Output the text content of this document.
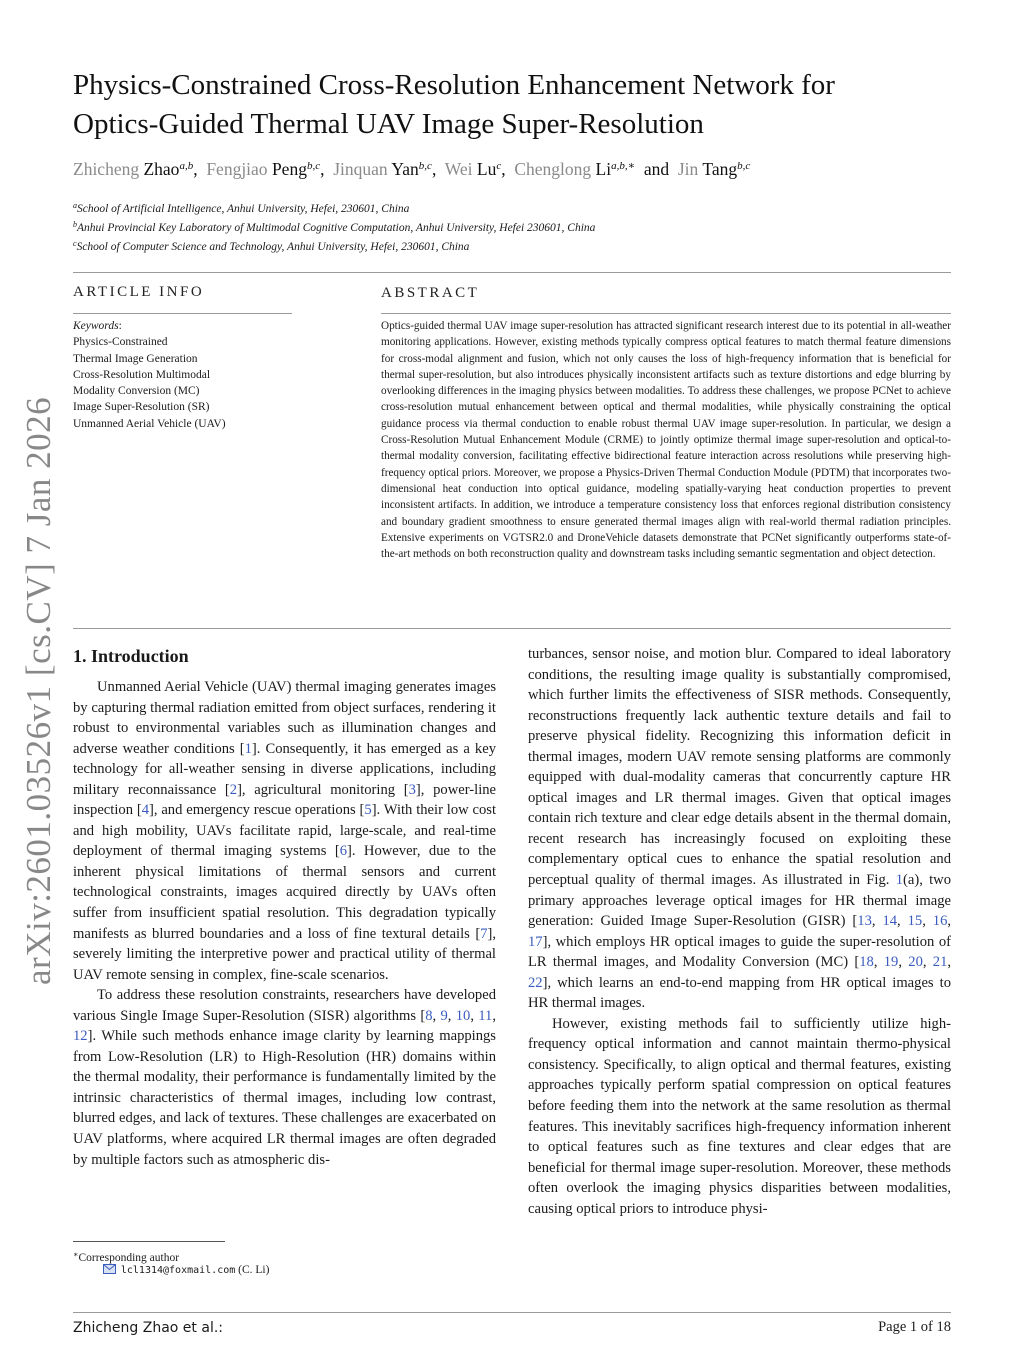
arXiv:2601.03526v1 [cs.CV] 7 Jan 2026
Physics-Constrained Cross-Resolution Enhancement Network for
Optics-Guided Thermal UAV Image Super-Resolution
Zhicheng Zhao$^{a,b}$,  Fengjiao Peng$^{b,c}$,  Jinquan Yan$^{b,c}$,  Wei Lu$^c$,  Chenglong $Li^{a,b,∗}$ and Jin Tang$^{b,c}$
$^a$School of Artificial Intelligence, Anhui University, Hefei, 230601, China
$^b$Anhui Provincial Key Laboratory of Multimodal Cognitive Computation, Anhui University, Hefei 230601, China
$^c$School of Computer Science and Technology, Anhui University, Hefei, 230601, China
ARTICLE INFO	ABSTRACT
Keywords:
Physics-Constrained
Thermal Image Generation
Cross-Resolution Multimodal
Modality Conversion (MC)
Image Super-Resolution (SR)
Unmanned Aerial Vehicle (UAV)
Optics-guided thermal UAV image super-resolution has attracted significant research interest due to its potential in all-weather monitoring applications. However, existing methods typically compress optical features to match thermal feature dimensions for cross-modal alignment and fusion, which not only causes the loss of high-frequency information that is beneficial for thermal super-resolution, but also introduces physically inconsistent artifacts such as texture distortions and edge blurring by overlooking differences in the imaging physics between modalities. To address these challenges, we propose PCNet to achieve cross-resolution mutual enhancement between optical and thermal modalities, while physically constraining the optical guidance process via thermal conduction to enable robust thermal UAV image super-resolution. In particular, we design a Cross-Resolution Mutual Enhancement Module (CRME) to jointly optimize thermal image super-resolution and optical-to-thermal modality conversion, facilitating effective bidirectional feature interaction across resolutions while preserving high-frequency optical priors. Moreover, we propose a Physics-Driven Thermal Conduction Module (PDTM) that incorporates two-dimensional heat conduction into optical guidance, modeling spatially-varying heat conduction properties to prevent inconsistent artifacts. In addition, we introduce a temperature consistency loss that enforces regional distribution consistency and boundary gradient smoothness to ensure generated thermal images align with real-world thermal radiation principles. Extensive experiments on VGTSR2.0 and DroneVehicle datasets demonstrate that PCNet significantly outperforms state-of-the-art methods on both reconstruction quality and downstream tasks including semantic segmentation and object detection.
1. Introduction

Unmanned Aerial Vehicle (UAV) thermal imaging generates images by capturing thermal radiation emitted from object surfaces, rendering it robust to environmental variables such as illumination changes and adverse weather conditions [1]. Consequently, it has emerged as a key technology for all-weather sensing in diverse applications, including military reconnaissance [2], agricultural monitoring [3], power-line inspection [4], and emergency rescue operations [5]. With their low cost and high mobility, UAVs facilitate rapid, large-scale, and real-time deployment of thermal imaging systems [6]. However, due to the inherent physical limitations of thermal sensors and current technological constraints, images acquired directly by UAVs often suffer from insufficient spatial resolution. This degradation typically manifests as blurred boundaries and a loss of fine textural details [7], severely limiting the interpretive power and practical utility of thermal UAV remote sensing in complex, fine-scale scenarios.

To address these resolution constraints, researchers have developed various Single Image Super-Resolution (SISR) algorithms [8, 9, 10, 11, 12]. While such methods enhance image clarity by learning mappings from Low-Resolution (LR) to High-Resolution (HR) domains within the thermal modality, their performance is fundamentally limited by the intrinsic characteristics of thermal images, including low contrast, blurred edges, and lack of textures. These challenges are exacerbated on UAV platforms, where acquired LR thermal images are often degraded by multiple factors such as atmospheric dis-

turbances, sensor noise, and motion blur. Compared to ideal laboratory conditions, the resulting image quality is substantially compromised, which further limits the effectiveness of SISR methods. Consequently, reconstructions frequently lack authentic texture details and fail to preserve physical fidelity. Recognizing this information deficit in thermal images, modern UAV remote sensing platforms are commonly equipped with dual-modality cameras that concurrently capture HR optical images and LR thermal images. Given that optical images contain rich texture and clear edge details absent in the thermal domain, recent research has increasingly focused on exploiting these complementary optical cues to enhance the spatial resolution and perceptual quality of thermal images. As illustrated in Fig. 1(a), two primary approaches leverage optical images for HR thermal image generation: Guided Image Super-Resolution (GISR) [13, 14, 15, 16, 17], which employs HR optical images to guide the super-resolution of LR thermal images, and Modality Conversion (MC) [18, 19, 20, 21, 22], which learns an end-to-end mapping from HR optical images to HR thermal images.

However, existing methods fail to sufficiently utilize high-frequency optical information and cannot maintain thermo-physical consistency. Specifically, to align optical and thermal features, existing approaches typically perform spatial compression on optical features before feeding them into the network at the same resolution as thermal features. This inevitably sacrifices high-frequency information inherent to optical features such as fine textures and clear edges that are beneficial for thermal image super-resolution. Moreover, these methods often overlook the imaging physics disparities between modalities, causing optical priors to introduce physi-

∗Corresponding author
lcl1314@foxmail.com (C. Li)
Zhicheng Zhao et al.:	Page 1 of 18
